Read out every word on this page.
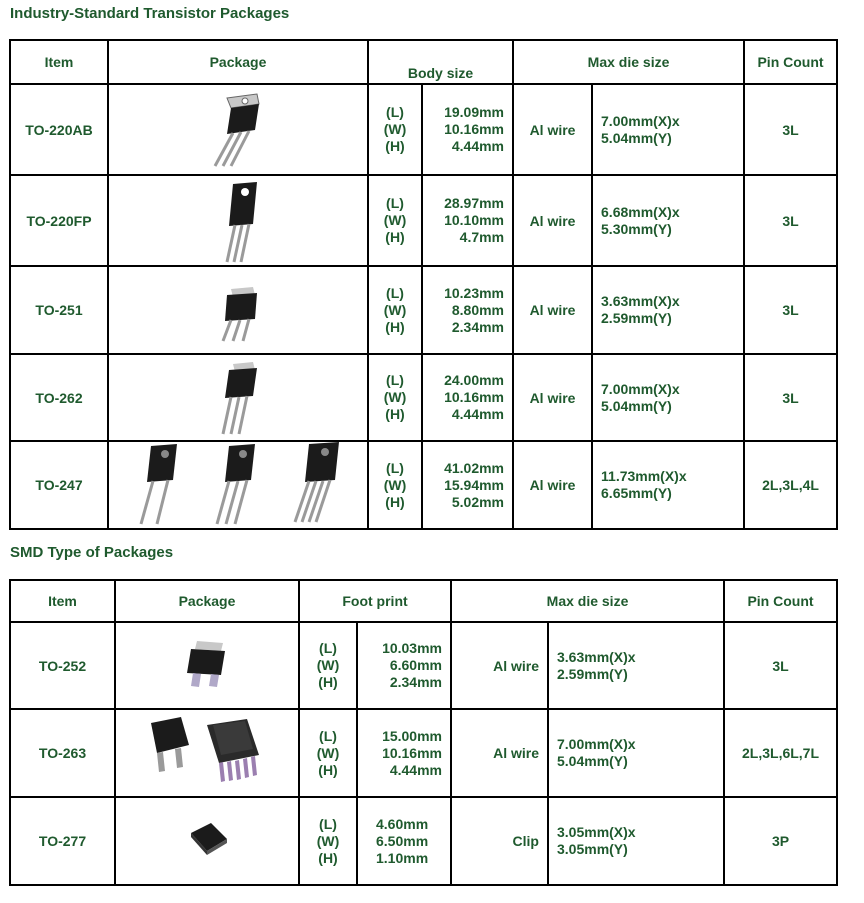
Industry-Standard Transistor Packages
Item	Package	Body size		Max die size		Pin Count
TO-220AB		(L)
(W)
(H)	19.09mm
10.16mm
4.44mm	Al wire	7.00mm(X)x
5.04mm(Y)	3L
TO-220FP		(L)
(W)
(H)	28.97mm
10.10mm
4.7mm	Al wire	6.68mm(X)x
5.30mm(Y)	3L
TO-251		(L)
(W)
(H)	10.23mm
8.80mm
2.34mm	Al wire	3.63mm(X)x
2.59mm(Y)	3L
TO-262		(L)
(W)
(H)	24.00mm
10.16mm
4.44mm	Al wire	7.00mm(X)x
5.04mm(Y)	3L
TO-247		(L)
(W)
(H)	41.02mm
15.94mm
5.02mm	Al wire	11.73mm(X)x
6.65mm(Y)	2L,3L,4L
SMD Type of Packages
Item	Package	Foot print		Max die size		Pin Count
TO-252		(L)
(W)
(H)	10.03mm
6.60mm
2.34mm	Al wire	3.63mm(X)x
2.59mm(Y)	3L
TO-263		(L)
(W)
(H)	15.00mm
10.16mm
4.44mm	Al wire	7.00mm(X)x
5.04mm(Y)	2L,3L,6L,7L
TO-277		(L)
(W)
(H)	4.60mm
6.50mm
1.10mm	Clip	3.05mm(X)x
3.05mm(Y)	3P
